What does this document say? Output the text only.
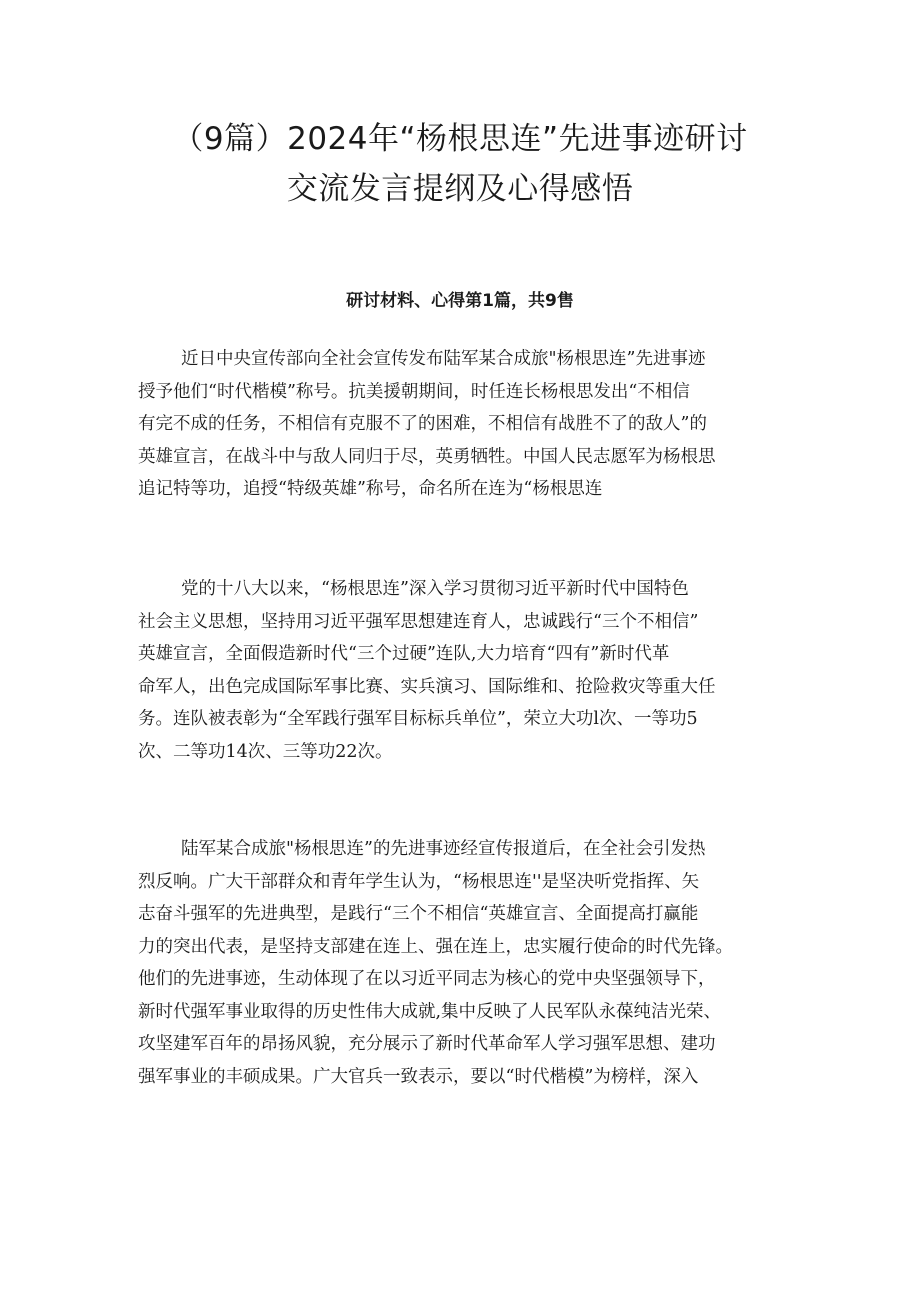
（9篇）2024年“杨根思连”先进事迹研讨
交流发言提纲及心得感悟
研讨材料、心得第1篇，共9售
近日中央宣传部向全社会宣传发布陆军某合成旅"杨根思连”先进事迹
授予他们“时代楷模”称号。抗美援朝期间，时任连长杨根思发出“不相信
有完不成的任务，不相信有克服不了的困难，不相信有战胜不了的敌人”的
英雄宣言，在战斗中与敌人同归于尽，英勇牺牲。中国人民志愿军为杨根思
追记特等功，追授“特级英雄”称号，命名所在连为“杨根思连
党的十八大以来，“杨根思连”深入学习贯彻习近平新时代中国特色
社会主义思想，坚持用习近平强军思想建连育人，忠诚践行“三个不相信”
英雄宣言，全面假造新时代“三个过硬”连队,大力培育“四有”新时代革
命军人，出色完成国际军事比赛、实兵演习、国际维和、抢险救灾等重大任
务。连队被表彰为“全军践行强军目标标兵单位”，荣立大功l次、一等功5
次、二等功14次、三等功22次。
陆军某合成旅"杨根思连”的先进事迹经宣传报道后，在全社会引发热
烈反响。广大干部群众和青年学生认为，“杨根思连''是坚决听党指挥、矢
志奋斗强军的先进典型，是践行“三个不相信“英雄宣言、全面提高打赢能
力的突出代表，是坚持支部建在连上、强在连上，忠实履行使命的时代先锋。
他们的先进事迹，生动体现了在以习近平同志为核心的党中央坚强领导下，
新时代强军事业取得的历史性伟大成就,集中反映了人民军队永葆纯洁光荣、
攻坚建军百年的昂扬风貌，充分展示了新时代革命军人学习强军思想、建功
强军事业的丰硕成果。广大官兵一致表示，要以“时代楷模”为榜样，深入
